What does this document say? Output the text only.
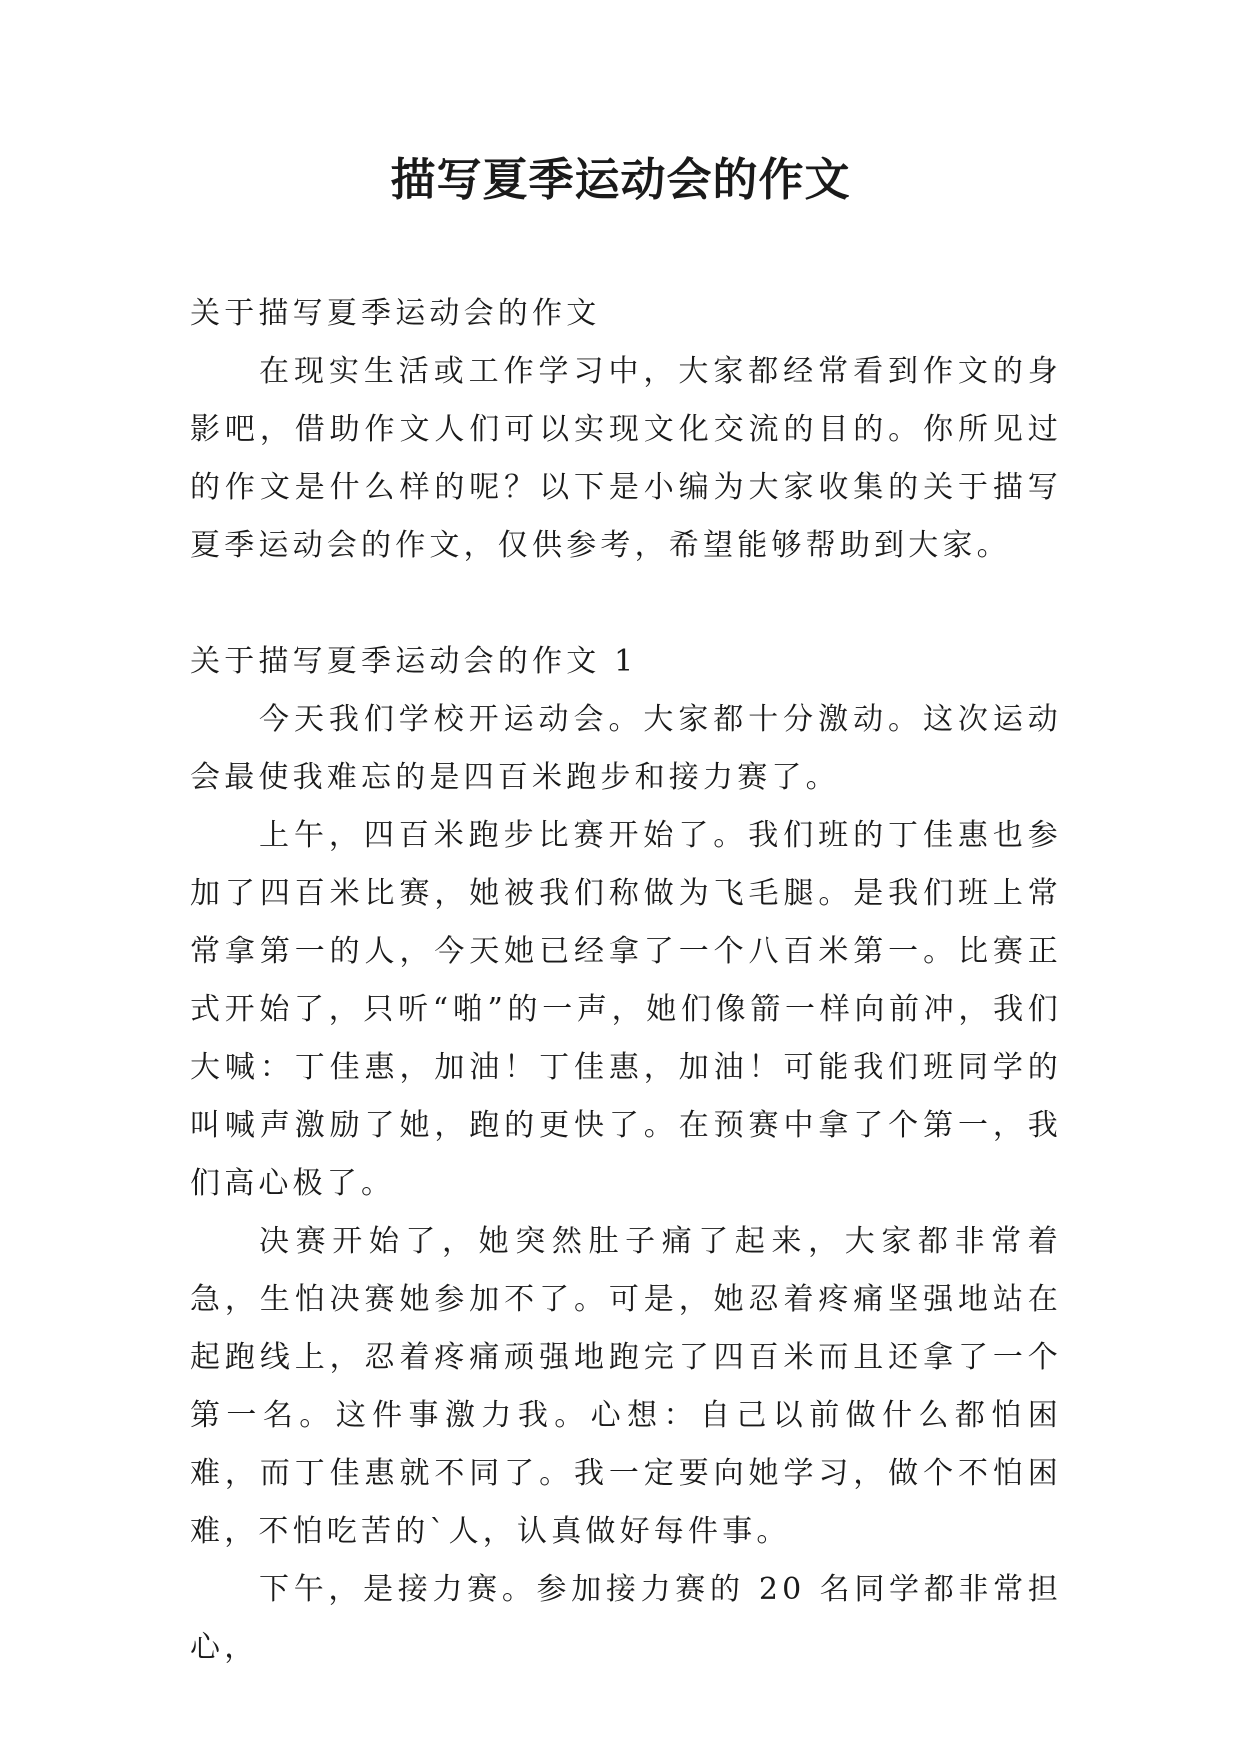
描写夏季运动会的作文

关于描写夏季运动会的作文

在现实生活或工作学习中，大家都经常看到作文的身影吧，借助作文人们可以实现文化交流的目的。你所见过的作文是什么样的呢？以下是小编为大家收集的关于描写夏季运动会的作文，仅供参考，希望能够帮助到大家。

关于描写夏季运动会的作文 1

今天我们学校开运动会。大家都十分激动。这次运动会最使我难忘的是四百米跑步和接力赛了。

上午，四百米跑步比赛开始了。我们班的丁佳惠也参加了四百米比赛，她被我们称做为飞毛腿。是我们班上常常拿第一的人，今天她已经拿了一个八百米第一。比赛正式开始了，只听“啪”的一声，她们像箭一样向前冲，我们大喊：丁佳惠，加油！丁佳惠，加油！可能我们班同学的叫喊声激励了她，跑的更快了。在预赛中拿了个第一，我们高心极了。

决赛开始了，她突然肚子痛了起来，大家都非常着急，生怕决赛她参加不了。可是，她忍着疼痛坚强地站在起跑线上，忍着疼痛顽强地跑完了四百米而且还拿了一个第一名。这件事激力我。心想：自己以前做什么都怕困难，而丁佳惠就不同了。我一定要向她学习，做个不怕困难，不怕吃苦的`人，认真做好每件事。

下午，是接力赛。参加接力赛的 20 名同学都非常担心，
